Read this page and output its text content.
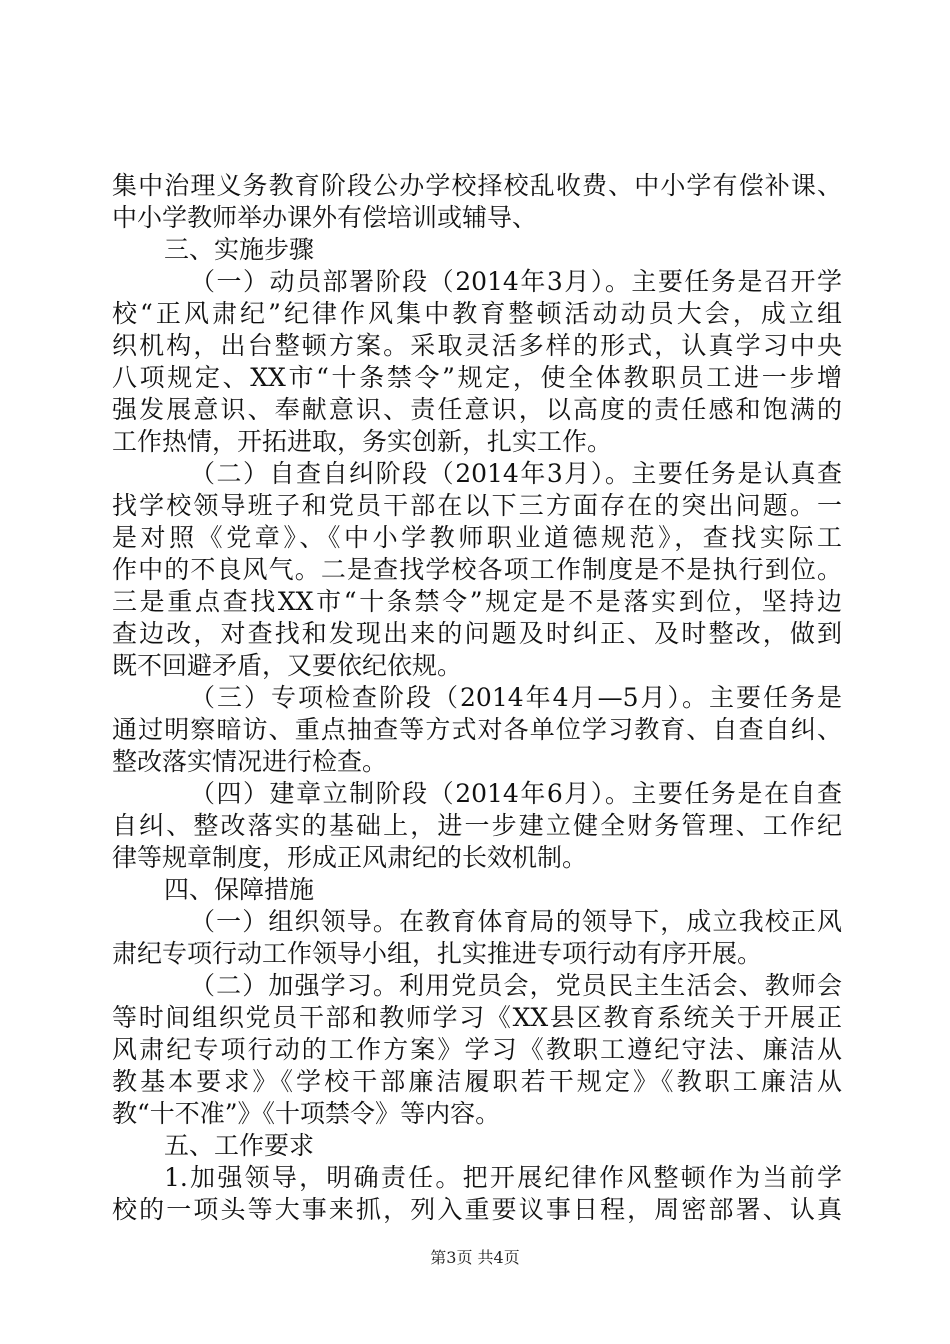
集中治理义务教育阶段公办学校择校乱收费、中小学有偿补课、
中小学教师举办课外有偿培训或辅导、
三、实施步骤
（一）动员部署阶段（2014年3月）。主要任务是召开学
校“正风肃纪”纪律作风集中教育整顿活动动员大会，成立组
织机构，出台整顿方案。采取灵活多样的形式，认真学习中央
八项规定、XX市“十条禁令”规定，使全体教职员工进一步增
强发展意识、奉献意识、责任意识，以高度的责任感和饱满的
工作热情，开拓进取，务实创新，扎实工作。
（二）自查自纠阶段（2014年3月）。主要任务是认真查
找学校领导班子和党员干部在以下三方面存在的突出问题。一
是对照《党章》、《中小学教师职业道德规范》，查找实际工
作中的不良风气。二是查找学校各项工作制度是不是执行到位。
三是重点查找XX市“十条禁令”规定是不是落实到位，坚持边
查边改，对查找和发现出来的问题及时纠正、及时整改，做到
既不回避矛盾，又要依纪依规。
（三）专项检查阶段（2014年4月—5月）。主要任务是
通过明察暗访、重点抽查等方式对各单位学习教育、自查自纠、
整改落实情况进行检查。
（四）建章立制阶段（2014年6月）。主要任务是在自查
自纠、整改落实的基础上，进一步建立健全财务管理、工作纪
律等规章制度，形成正风肃纪的长效机制。
四、保障措施
（一）组织领导。在教育体育局的领导下，成立我校正风
肃纪专项行动工作领导小组，扎实推进专项行动有序开展。
（二）加强学习。利用党员会，党员民主生活会、教师会
等时间组织党员干部和教师学习《XX县区教育系统关于开展正
风肃纪专项行动的工作方案》学习《教职工遵纪守法、廉洁从
教基本要求》《学校干部廉洁履职若干规定》《教职工廉洁从
教“十不准”》《十项禁令》等内容。
五、工作要求
1.加强领导，明确责任。把开展纪律作风整顿作为当前学
校的一项头等大事来抓，列入重要议事日程，周密部署、认真
第3页 共4页
